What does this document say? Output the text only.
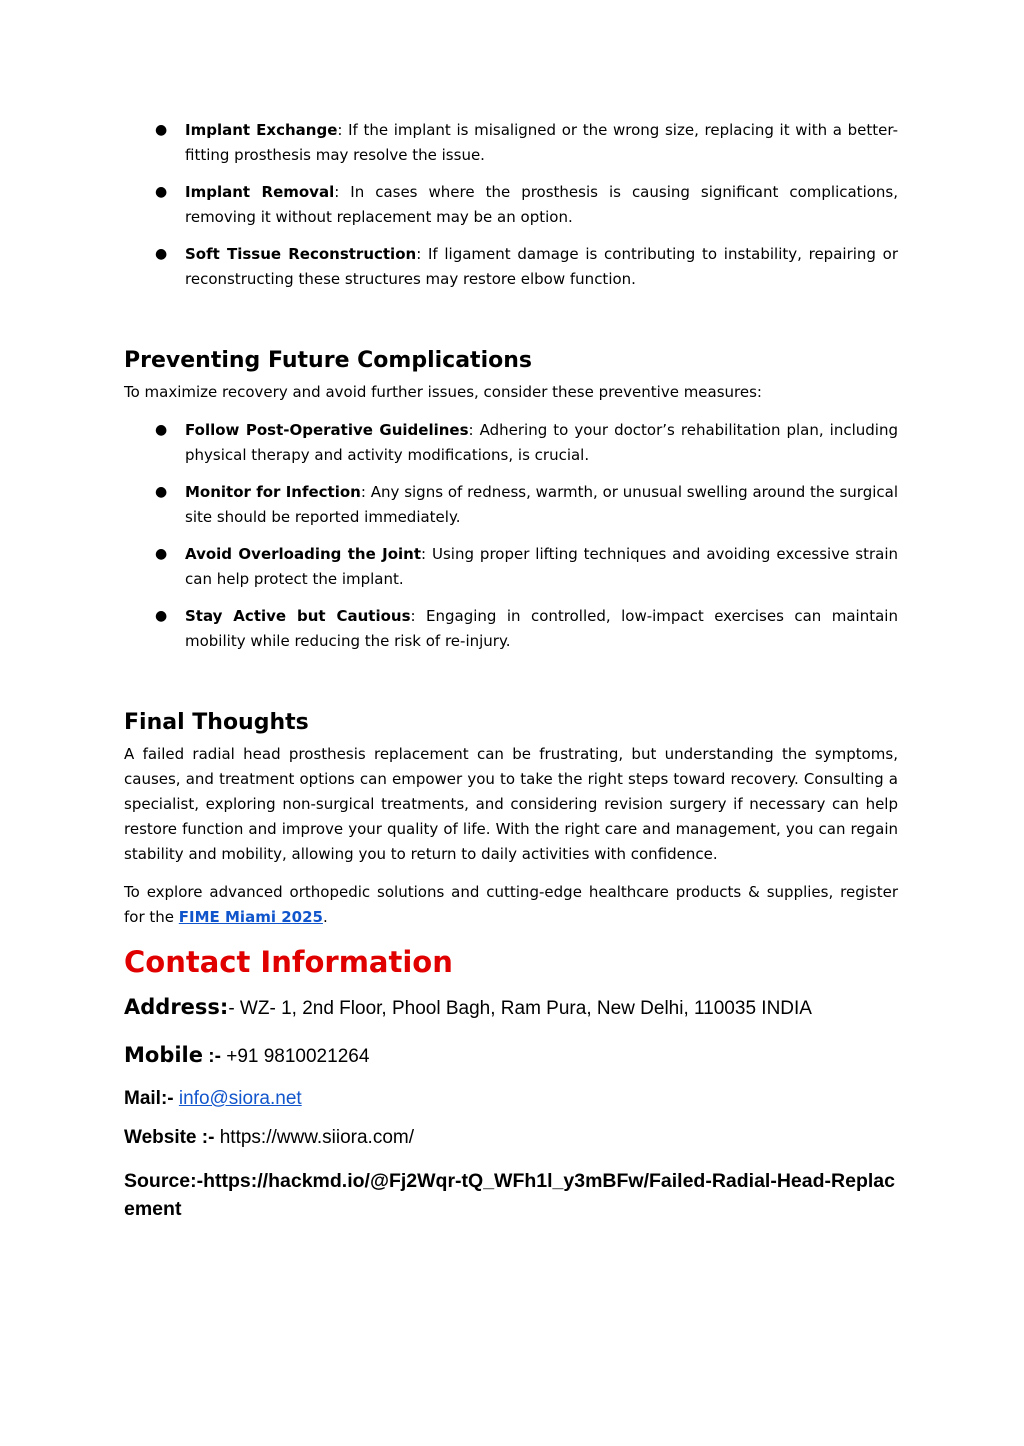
● Implant Exchange: If the implant is misaligned or the wrong size, replacing it with a better-fitting prosthesis may resolve the issue.
● Implant Removal: In cases where the prosthesis is causing significant complications, removing it without replacement may be an option.
● Soft Tissue Reconstruction: If ligament damage is contributing to instability, repairing or reconstructing these structures may restore elbow function.
Preventing Future Complications

To maximize recovery and avoid further issues, consider these preventive measures:

● Follow Post-Operative Guidelines: Adhering to your doctor’s rehabilitation plan, including physical therapy and activity modifications, is crucial.
● Monitor for Infection: Any signs of redness, warmth, or unusual swelling around the surgical site should be reported immediately.
● Avoid Overloading the Joint: Using proper lifting techniques and avoiding excessive strain can help protect the implant.
● Stay Active but Cautious: Engaging in controlled, low-impact exercises can maintain mobility while reducing the risk of re-injury.
Final Thoughts

A failed radial head prosthesis replacement can be frustrating, but understanding the symptoms, causes, and treatment options can empower you to take the right steps toward recovery. Consulting a specialist, exploring non-surgical treatments, and considering revision surgery if necessary can help restore function and improve your quality of life. With the right care and management, you can regain stability and mobility, allowing you to return to daily activities with confidence.

To explore advanced orthopedic solutions and cutting-edge healthcare products & supplies, register for the FIME Miami 2025.

Contact Information
Address:- WZ- 1, 2nd Floor, Phool Bagh, Ram Pura, New Delhi, 110035 INDIA
Mobile :- +91 9810021264
Mail:- info@siora.net
Website :- https://www.siiora.com/
Source:-https://hackmd.io/@Fj2Wqr-tQ_WFh1l_y3mBFw/Failed-Radial-Head-Replacement
